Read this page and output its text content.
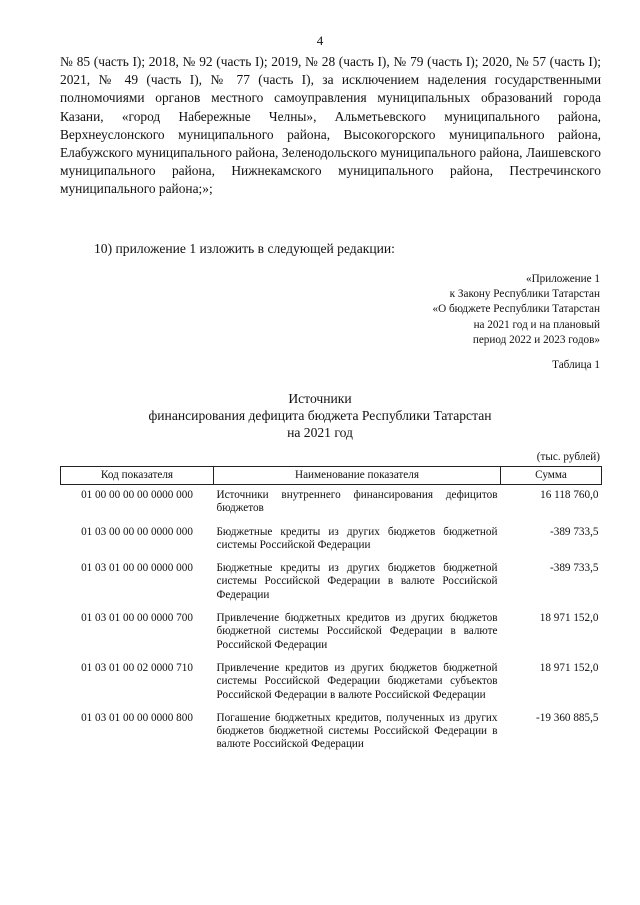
4
№ 85 (часть I); 2018, № 92 (часть I); 2019, № 28 (часть I), № 79 (часть I); 2020, № 57 (часть I); 2021, № 49 (часть I), № 77 (часть I), за исключением наделения государственными полномочиями органов местного самоуправления муниципальных образований города Казани, «город Набережные Челны», Альметьевского муниципального района, Верхнеуслонского муниципального района, Высокогорского муниципального района, Елабужского муниципального района, Зеленодольского муниципального района, Лаишевского муниципального района, Нижнекамского муниципального района, Пестречинского муниципального района;»;
10) приложение 1 изложить в следующей редакции:
«Приложение 1
к Закону Республики Татарстан
«О бюджете Республики Татарстан
на 2021 год и на плановый
период 2022 и 2023 годов»
Таблица 1
Источники
финансирования дефицита бюджета Республики Татарстан
на 2021 год
(тыс. рублей)
Код показателя	Наименование показателя	Сумма
01 00 00 00 00 0000 000	Источники внутреннего финансирования дефицитов бюджетов	16 118 760,0
01 03 00 00 00 0000 000	Бюджетные кредиты из других бюджетов бюджетной системы Российской Федерации	-389 733,5
01 03 01 00 00 0000 000	Бюджетные кредиты из других бюджетов бюджетной системы Российской Федерации в валюте Российской Федерации	-389 733,5
01 03 01 00 00 0000 700	Привлечение бюджетных кредитов из других бюджетов бюджетной системы Российской Федерации в валюте Российской Федерации	18 971 152,0
01 03 01 00 02 0000 710	Привлечение кредитов из других бюджетов бюджетной системы Российской Федерации бюджетами субъектов Российской Федерации в валюте Российской Федерации	18 971 152,0
01 03 01 00 00 0000 800	Погашение бюджетных кредитов, полученных из других бюджетов бюджетной системы Российской Федерации в валюте Российской Федерации	-19 360 885,5
